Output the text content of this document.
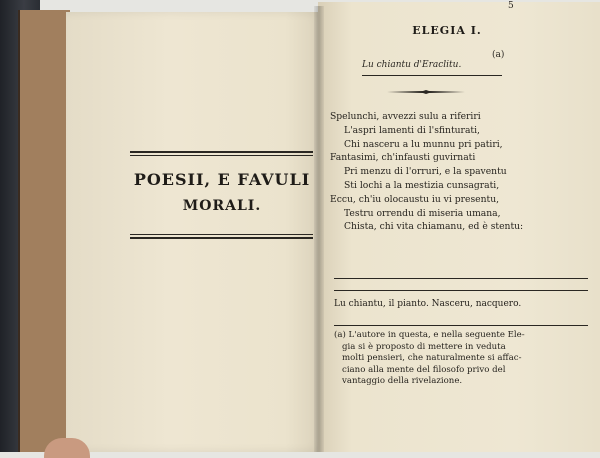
POESII, E FAVULI
MORALI.
5
ELEGIA I.
Lu chiantu d'Eraclitu.
(a)
Spelunchi, avvezzi sulu a riferiri
L'aspri lamenti di l'sfinturati,
Chi nasceru a lu munnu pri patiri,
Fantasimi, ch'infausti guvirnati
Pri menzu di l'orruri, e la spaventu
Sti lochi a la mestizia cunsagrati,
Eccu, ch'iu olocaustu iu vi presentu,
Testru orrendu di miseria umana,
Chista, chi vita chiamanu, ed è stentu:
Lu chiantu, il pianto. Nasceru, nacquero.
(a) L'autore in questa, e nella seguente Ele-
gia si è proposto di mettere in veduta
molti pensieri, che naturalmente si affac-
ciano alla mente del filosofo privo del
vantaggio della rivelazione.
